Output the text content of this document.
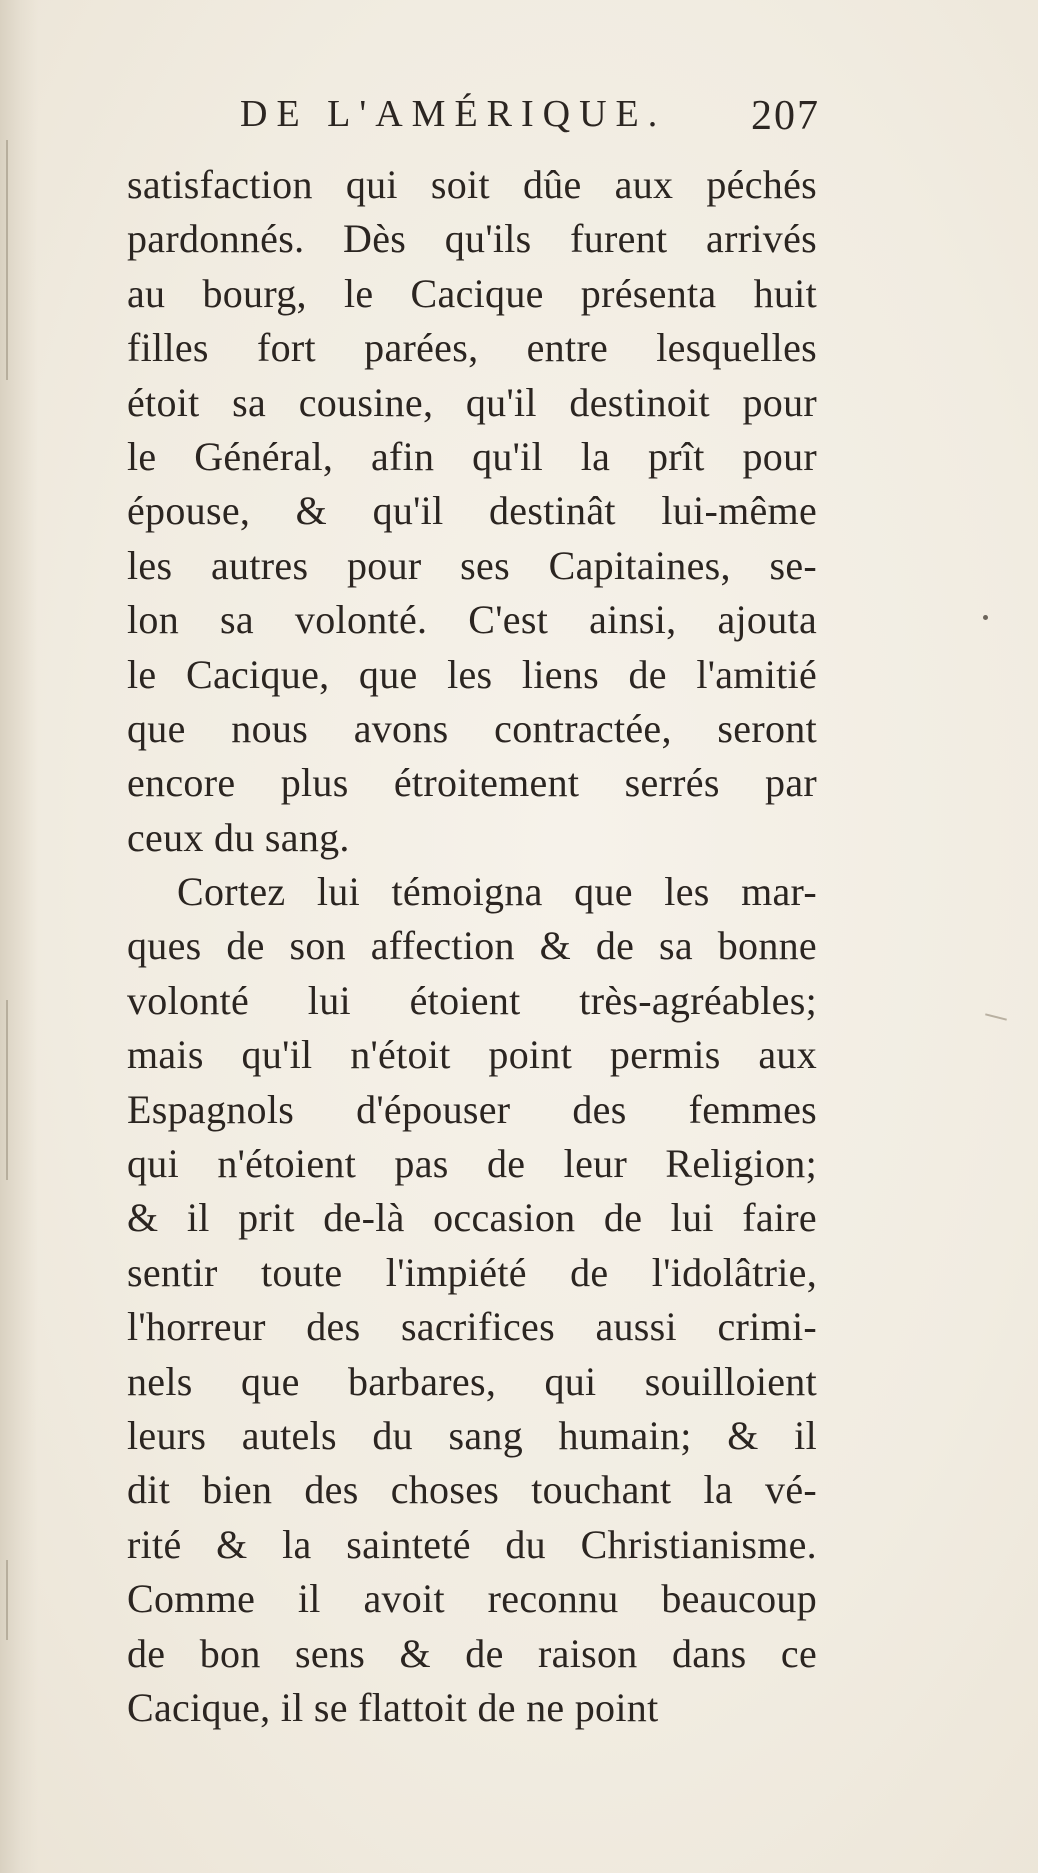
DE L'AMÉRIQUE. 207
satisfaction qui soit dûe aux péchés
pardonnés. Dès qu'ils furent arrivés
au bourg, le Cacique présenta huit
filles fort parées, entre lesquelles
étoit sa cousine, qu'il destinoit pour
le Général, afin qu'il la prît pour
épouse, & qu'il destinât lui-même
les autres pour ses Capitaines, se-
lon sa volonté. C'est ainsi, ajouta
le Cacique, que les liens de l'amitié
que nous avons contractée, seront
encore plus étroitement serrés par
ceux du sang.
Cortez lui témoigna que les mar-
ques de son affection & de sa bonne
volonté lui étoient très-agréables;
mais qu'il n'étoit point permis aux
Espagnols d'épouser des femmes
qui n'étoient pas de leur Religion;
& il prit de-là occasion de lui faire
sentir toute l'impiété de l'idolâtrie,
l'horreur des sacrifices aussi crimi-
nels que barbares, qui souilloient
leurs autels du sang humain; & il
dit bien des choses touchant la vé-
rité & la sainteté du Christianisme.
Comme il avoit reconnu beaucoup
de bon sens & de raison dans ce
Cacique, il se flattoit de ne point
